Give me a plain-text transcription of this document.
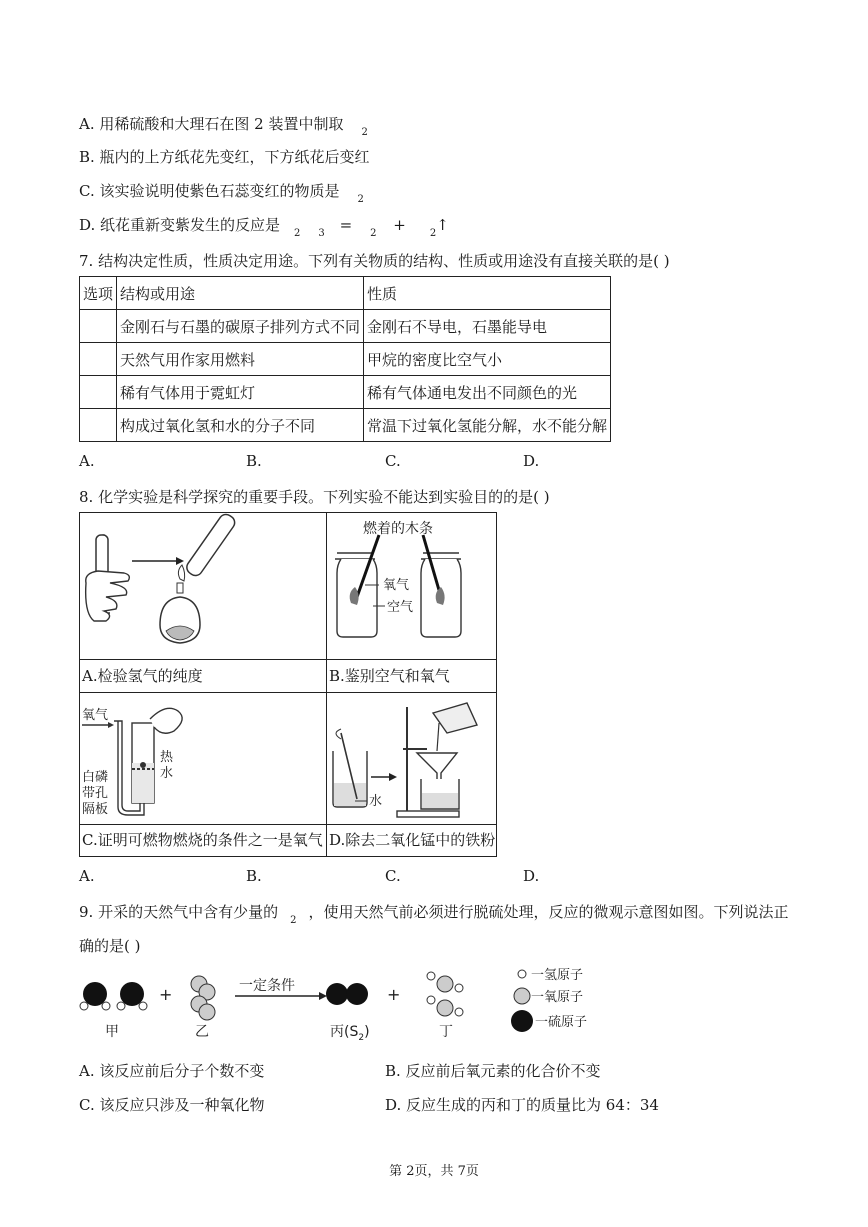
A. 用稀硫酸和大理石在图 2 装置中制取 $_2$
B. 瓶内的上方纸花先变红，下方纸花后变红
C. 该实验说明使紫色石蕊变红的物质是 $_2$
D. 纸花重新变紫发生的反应是 $_2$ $_3$ = $_2$ + $_2$↑
7. 结构决定性质，性质决定用途。下列有关物质的结构、性质或用途没有直接关联的是( )
选项	结构或用途	性质
	金刚石与石墨的碳原子排列方式不同	金刚石不导电，石墨能导电
	天然气用作家用燃料	甲烷的密度比空气小
	稀有气体用于霓虹灯	稀有气体通电发出不同颜色的光
	构成过氧化氢和水的分子不同	常温下过氧化氢能分解，水不能分解
A.	B.	C.	D.
8. 化学实验是科学探究的重要手段。下列实验不能达到实验目的的是( )
燃着的木条
氧气
空气
A.检验氢气的纯度	B.鉴别空气和氧气
氧气
白磷
带孔
隔板
热
水
水
C.证明可燃物燃烧的条件之一是氧气 D.除去二氧化锰中的铁粉
A.	B.	C.	D.
9. 开采的天然气中含有少量的 $_2$ ，使用天然气前必须进行脱硫处理，反应的微观示意图如图。下列说法正
确的是( )
甲
+
乙
一定条件
丙$(S_2)$
+
丁
一氢原子
一氧原子
一硫原子
A. 该反应前后分子个数不变	B. 反应前后氧元素的化合价不变
C. 该反应只涉及一种氧化物	D. 反应生成的丙和丁的质量比为 64：34
第 2页，共 7页
